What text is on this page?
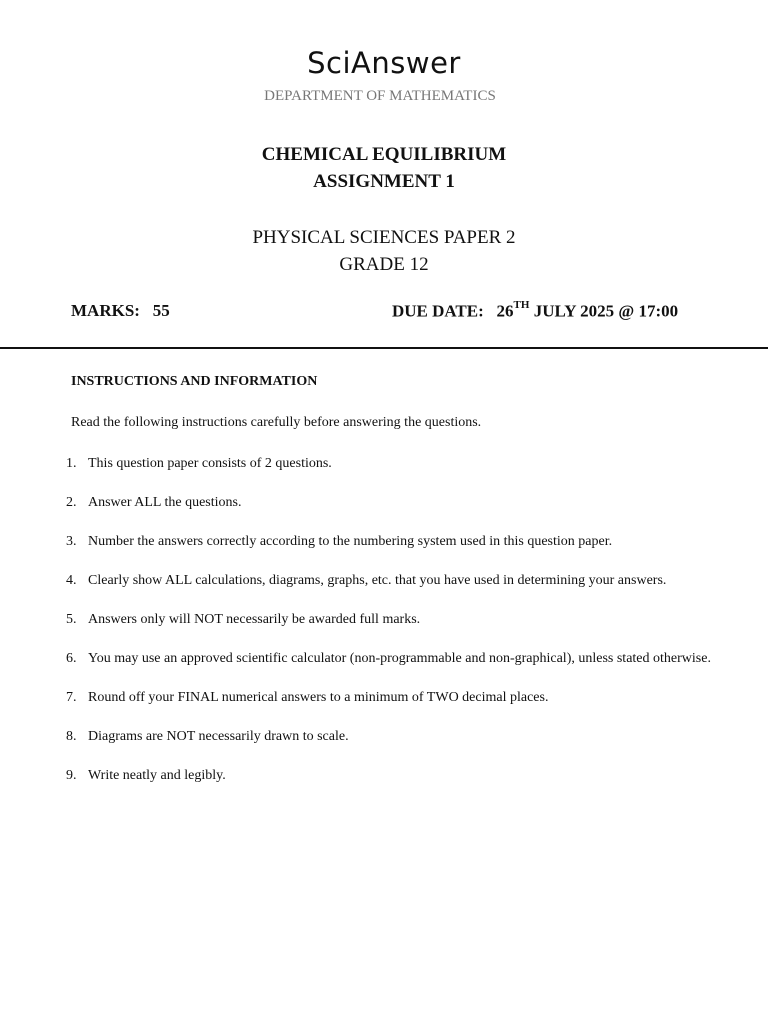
SciAnswer
DEPARTMENT OF MATHEMATICS
CHEMICAL EQUILIBRIUM
ASSIGNMENT 1
PHYSICAL SCIENCES PAPER 2
GRADE 12
MARKS:   55	DUE DATE:   26TH JULY 2025 @ 17:00
INSTRUCTIONS AND INFORMATION
Read the following instructions carefully before answering the questions.
1. This question paper consists of 2 questions.
2. Answer ALL the questions.
3. Number the answers correctly according to the numbering system used in this question paper.
4. Clearly show ALL calculations, diagrams, graphs, etc. that you have used in determining your answers.
5. Answers only will NOT necessarily be awarded full marks.
6. You may use an approved scientific calculator (non-programmable and non-graphical), unless stated otherwise.
7. Round off your FINAL numerical answers to a minimum of TWO decimal places.
8. Diagrams are NOT necessarily drawn to scale.
9. Write neatly and legibly.
